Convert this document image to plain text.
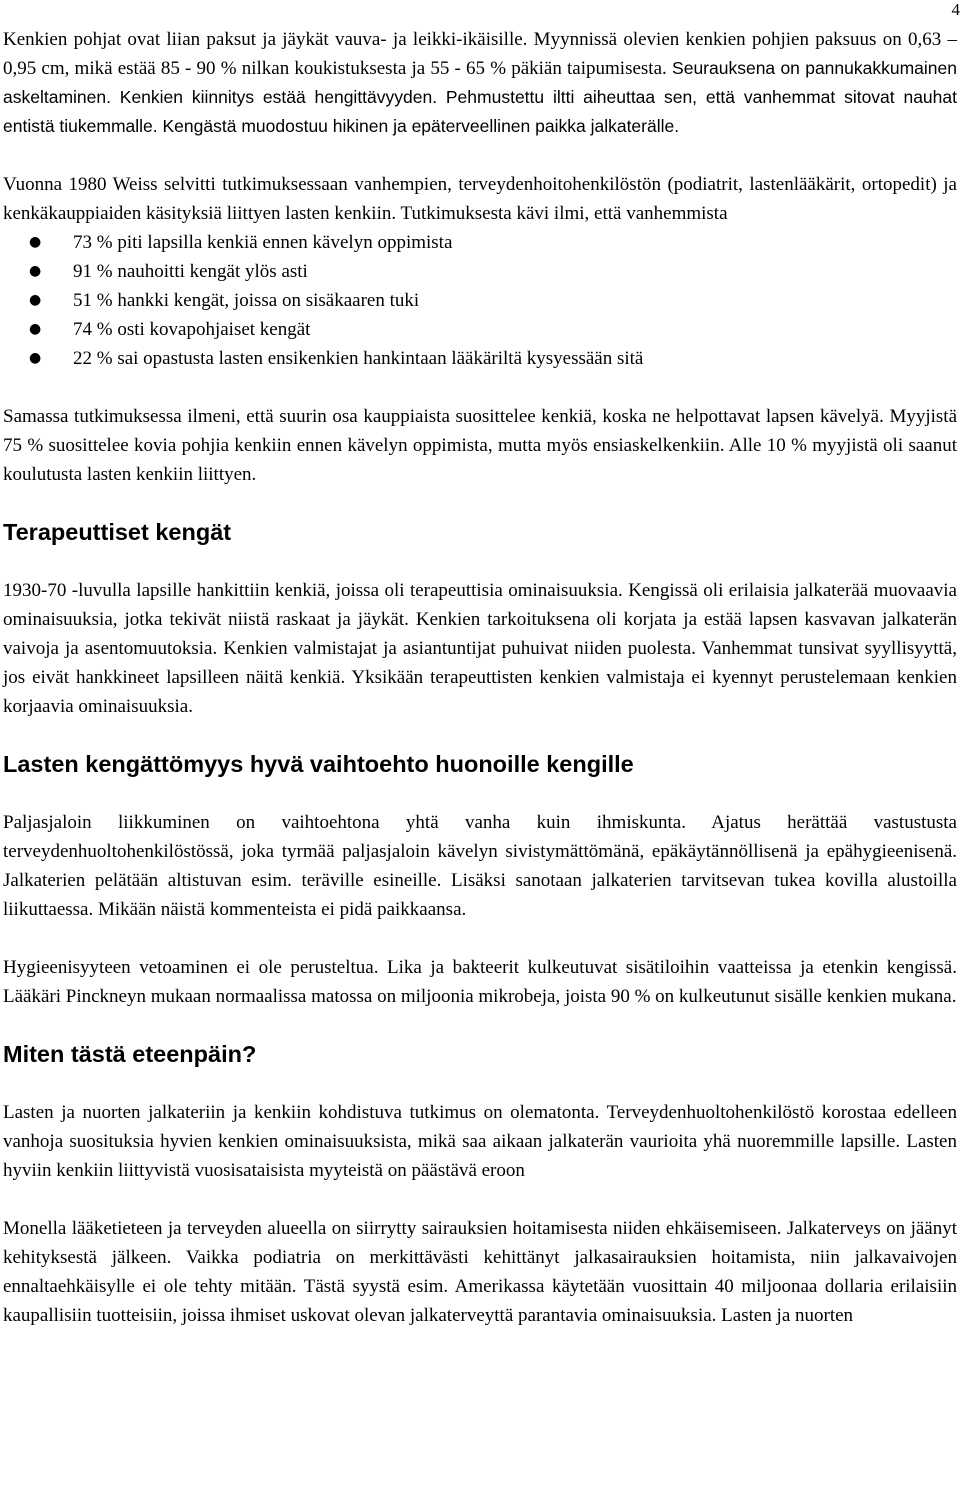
4

Kenkien pohjat ovat liian paksut ja jäykät vauva- ja leikki-ikäisille. Myynnissä olevien kenkien pohjien paksuus on 0,63 – 0,95 cm, mikä estää 85 - 90 % nilkan koukistuksesta ja 55 - 65 % päkiän taipumisesta. Seurauksena on pannukakkumainen askeltaminen. Kenkien kiinnitys estää hengittävyyden. Pehmustettu iltti aiheuttaa sen, että vanhemmat sitovat nauhat entistä tiukemmalle. Kengästä muodostuu hikinen ja epäterveellinen paikka jalkaterälle.

Vuonna 1980 Weiss selvitti tutkimuksessaan vanhempien, terveydenhoitohenkilöstön (podiatrit, lastenlääkärit, ortopedit) ja kenkäkauppiaiden käsityksiä liittyen lasten kenkiin. Tutkimuksesta kävi ilmi, että vanhemmista

● 73 % piti lapsilla kenkiä ennen kävelyn oppimista
● 91 % nauhoitti kengät ylös asti
● 51 % hankki kengät, joissa on sisäkaaren tuki
● 74 % osti kovapohjaiset kengät
● 22 % sai opastusta lasten ensikenkien hankintaan lääkäriltä kysyessään sitä

Samassa tutkimuksessa ilmeni, että suurin osa kauppiaista suosittelee kenkiä, koska ne helpottavat lapsen kävelyä. Myyjistä 75 % suosittelee kovia pohjia kenkiin ennen kävelyn oppimista, mutta myös ensiaskelkenkiin. Alle 10 % myyjistä oli saanut koulutusta lasten kenkiin liittyen.

Terapeuttiset kengät

1930-70 -luvulla lapsille hankittiin kenkiä, joissa oli terapeuttisia ominaisuuksia. Kengissä oli erilaisia jalkaterää muovaavia ominaisuuksia, jotka tekivät niistä raskaat ja jäykät. Kenkien tarkoituksena oli korjata ja estää lapsen kasvavan jalkaterän vaivoja ja asentomuutoksia. Kenkien valmistajat ja asiantuntijat puhuivat niiden puolesta. Vanhemmat tunsivat syyllisyyttä, jos eivät hankkineet lapsilleen näitä kenkiä. Yksikään terapeuttisten kenkien valmistaja ei kyennyt perustelemaan kenkien korjaavia ominaisuuksia.

Lasten kengättömyys hyvä vaihtoehto huonoille kengille

Paljasjaloin liikkuminen on vaihtoehtona yhtä vanha kuin ihmiskunta. Ajatus herättää vastustusta terveydenhuoltohenkilöstössä, joka tyrmää paljasjaloin kävelyn sivistymättömänä, epäkäytännöllisenä ja epähygieenisenä. Jalkaterien pelätään altistuvan esim. teräville esineille. Lisäksi sanotaan jalkaterien tarvitsevan tukea kovilla alustoilla liikuttaessa. Mikään näistä kommenteista ei pidä paikkaansa.

Hygieenisyyteen vetoaminen ei ole perusteltua. Lika ja bakteerit kulkeutuvat sisätiloihin vaatteissa ja etenkin kengissä. Lääkäri Pinckneyn mukaan normaalissa matossa on miljoonia mikrobeja, joista 90 % on kulkeutunut sisälle kenkien mukana.

Miten tästä eteenpäin?

Lasten ja nuorten jalkateriin ja kenkiin kohdistuva tutkimus on olematonta. Terveydenhuoltohenkilöstö korostaa edelleen vanhoja suosituksia hyvien kenkien ominaisuuksista, mikä saa aikaan jalkaterän vaurioita yhä nuoremmille lapsille. Lasten hyviin kenkiin liittyvistä vuosisataisista myyteistä on päästävä eroon

Monella lääketieteen ja terveyden alueella on siirrytty sairauksien hoitamisesta niiden ehkäisemiseen. Jalkaterveys on jäänyt kehityksestä jälkeen. Vaikka podiatria on merkittävästi kehittänyt jalkasairauksien hoitamista, niin jalkavaivojen ennaltaehkäisylle ei ole tehty mitään. Tästä syystä esim. Amerikassa käytetään vuosittain 40 miljoonaa dollaria erilaisiin kaupallisiin tuotteisiin, joissa ihmiset uskovat olevan jalkaterveyttä parantavia ominaisuuksia. Lasten ja nuorten
